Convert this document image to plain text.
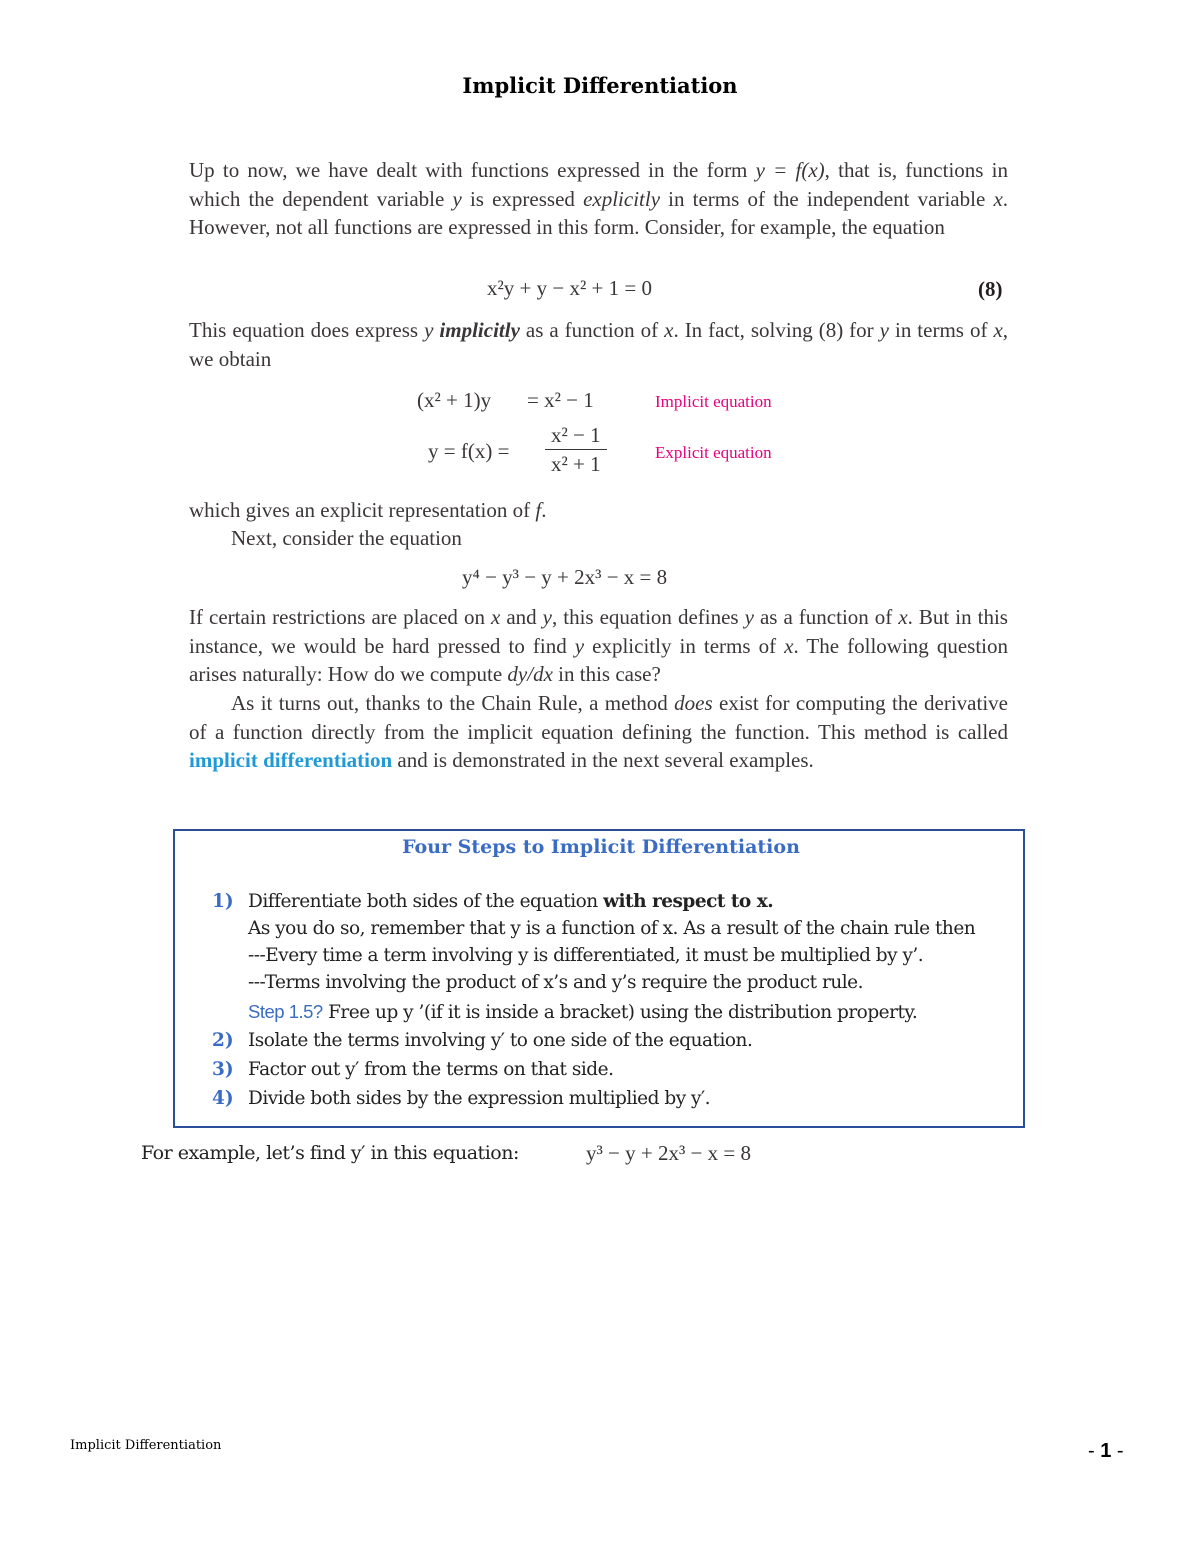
Implicit Differentiation
Up to now, we have dealt with functions expressed in the form y = f(x), that is, functions in which the dependent variable y is expressed explicitly in terms of the independent variable x. However, not all functions are expressed in this form. Consider, for example, the equation
x²y + y − x² + 1 = 0	(8)
This equation does express y implicitly as a function of x. In fact, solving (8) for y in terms of x, we obtain
(x² + 1)y = x² − 1	Implicit equation
$y = f(x) = \frac{\text{x² − 1}}{\text{x² + 1}}$	Explicit equation
which gives an explicit representation of f.
Next, consider the equation
y⁴ − y³ − y + 2x³ − x = 8
If certain restrictions are placed on x and y, this equation defines y as a function of x. But in this instance, we would be hard pressed to find y explicitly in terms of x. The following question arises naturally: How do we compute dy/dx in this case?
As it turns out, thanks to the Chain Rule, a method does exist for computing the derivative of a function directly from the implicit equation defining the function. This method is called implicit differentiation and is demonstrated in the next several examples.
Four Steps to Implicit Differentiation
1) Differentiate both sides of the equation with respect to x.
As you do so, remember that y is a function of x. As a result of the chain rule then
---Every time a term involving y is differentiated, it must be multiplied by y’.
---Terms involving the product of x’s and y’s require the product rule.
Step 1.5? Free up y ’(if it is inside a bracket) using the distribution property.
2) Isolate the terms involving y′ to one side of the equation.
3) Factor out y′ from the terms on that side.
4) Divide both sides by the expression multiplied by y′.
For example, let’s find y′ in this equation:	y³ − y + 2x³ − x = 8
Implicit Differentiation	- 1 -
